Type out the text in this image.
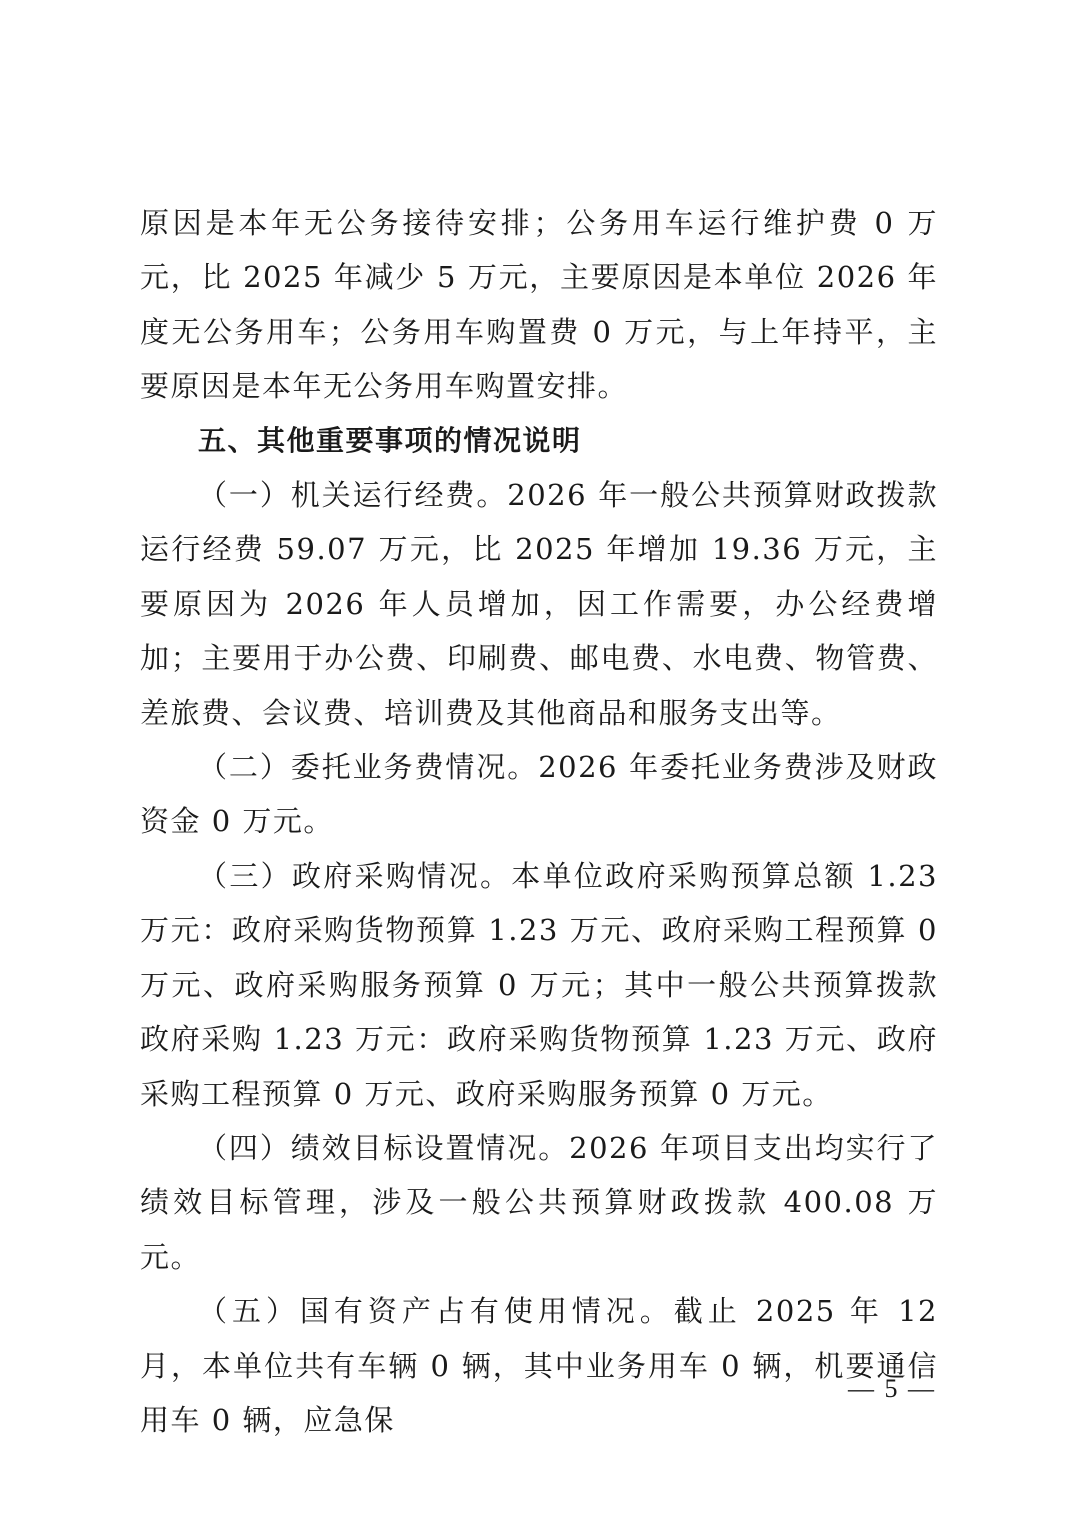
原因是本年无公务接待安排；公务用车运行维护费 0 万元，比 2025 年减少 5 万元，主要原因是本单位 2026 年度无公务用车；公务用车购置费 0 万元，与上年持平，主要原因是本年无公务用车购置安排。

五、其他重要事项的情况说明

（一）机关运行经费。2026 年一般公共预算财政拨款运行经费 59.07 万元，比 2025 年增加 19.36 万元，主要原因为 2026 年人员增加，因工作需要，办公经费增加；主要用于办公费、印刷费、邮电费、水电费、物管费、差旅费、会议费、培训费及其他商品和服务支出等。

（二）委托业务费情况。2026 年委托业务费涉及财政资金 0 万元。

（三）政府采购情况。本单位政府采购预算总额 1.23 万元：政府采购货物预算 1.23 万元、政府采购工程预算 0 万元、政府采购服务预算 0 万元；其中一般公共预算拨款政府采购 1.23 万元：政府采购货物预算 1.23 万元、政府采购工程预算 0 万元、政府采购服务预算 0 万元。

（四）绩效目标设置情况。2026 年项目支出均实行了绩效目标管理，涉及一般公共预算财政拨款 400.08 万元。

（五）国有资产占有使用情况。截止 2025 年 12 月，本单位共有车辆 0 辆，其中业务用车 0 辆，机要通信用车 0 辆，应急保

— 5 —
